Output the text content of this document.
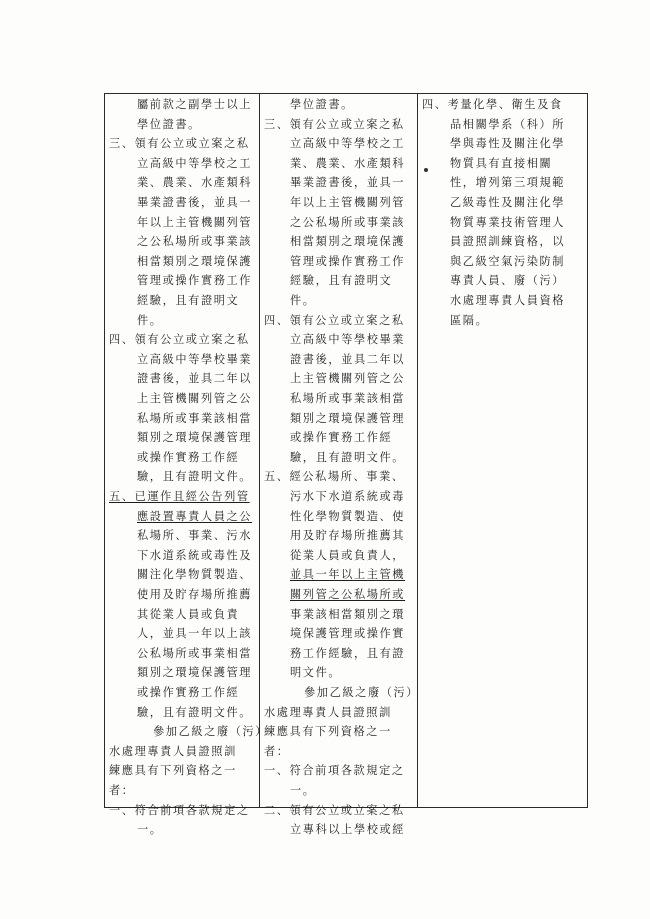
屬前款之副學士以上
學位證書。
三、領有公立或立案之私
立高級中等學校之工
業、農業、水產類科
畢業證書後，並具一
年以上主管機關列管
之公私場所或事業該
相當類別之環境保護
管理或操作實務工作
經驗，且有證明文
件。
四、領有公立或立案之私
立高級中等學校畢業
證書後，並具二年以
上主管機關列管之公
私場所或事業該相當
類別之環境保護管理
或操作實務工作經
驗，且有證明文件。
五、已運作且經公告列管
應設置專責人員之公
私場所、事業、污水
下水道系統或毒性及
關注化學物質製造、
使用及貯存場所推薦
其從業人員或負責
人，並具一年以上該
公私場所或事業相當
類別之環境保護管理
或操作實務工作經
驗，且有證明文件。
參加乙級之廢（污）
水處理專責人員證照訓
練應具有下列資格之一
者：
一、符合前項各款規定之
一。
學位證書。
三、領有公立或立案之私
立高級中等學校之工
業、農業、水產類科
畢業證書後，並具一
年以上主管機關列管
之公私場所或事業該
相當類別之環境保護
管理或操作實務工作
經驗，且有證明文
件。
四、領有公立或立案之私
立高級中等學校畢業
證書後，並具二年以
上主管機關列管之公
私場所或事業該相當
類別之環境保護管理
或操作實務工作經
驗，且有證明文件。
五、經公私場所、事業、
污水下水道系統或毒
性化學物質製造、使
用及貯存場所推薦其
從業人員或負責人，
並具一年以上主管機
關列管之公私場所或
事業該相當類別之環
境保護管理或操作實
務工作經驗，且有證
明文件。
參加乙級之廢（污）
水處理專責人員證照訓
練應具有下列資格之一
者：
一、符合前項各款規定之
一。
二、領有公立或立案之私
立專科以上學校或經
四、考量化學、衛生及食
品相關學系（科）所
學與毒性及關注化學
物質具有直接相關
性，增列第三項規範
乙級毒性及關注化學
物質專業技術管理人
員證照訓練資格，以
與乙級空氣污染防制
專責人員、廢（污）
水處理專責人員資格
區隔。
